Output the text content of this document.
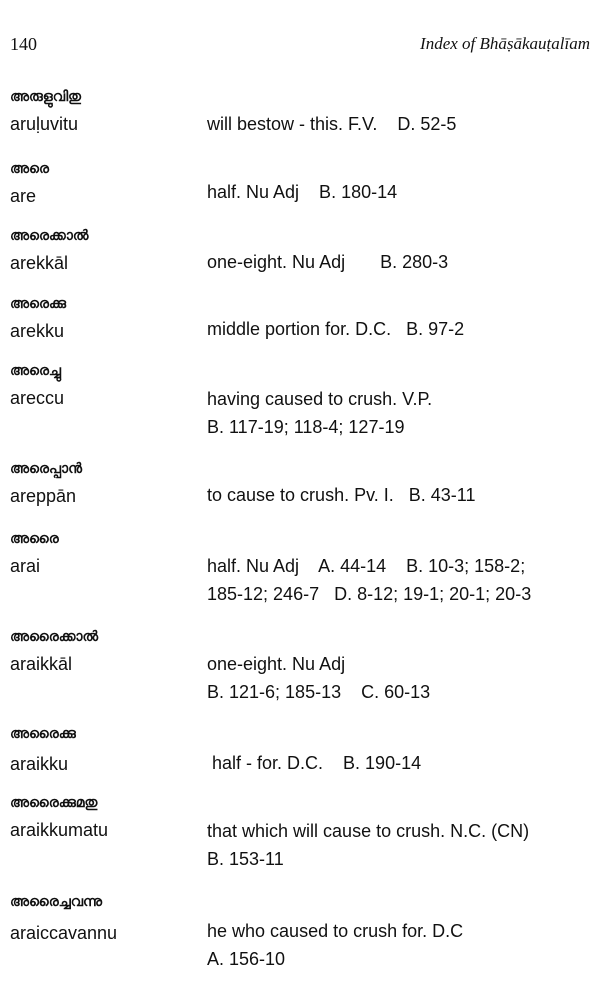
140	Index of Bhāṣākauṭalīam
അരുളുവിതു
aruḷuvitu	will bestow - this. F.V.    D. 52-5
അരെ
are	half. Nu Adj    B. 180-14
അരെക്കാൽ
arekkāl	one-eight. Nu Adj       B. 280-3
അരെക്കു
arekku	middle portion for. D.C.   B. 97-2
അരെച്ചു
areccu	having caused to crush. V.P.
B. 117-19; 118-4; 127-19
അരെപ്പാൻ
areppān	to cause to crush. Pv. I.   B. 43-11
അരൈ
arai	half. Nu Adj    A. 44-14    B. 10-3; 158-2;
185-12; 246-7   D. 8-12; 19-1; 20-1; 20-3
അരൈക്കാൽ
araikkāl	one-eight. Nu Adj
B. 121-6; 185-13    C. 60-13
അരൈക്കു
araikku	half - for. D.C.    B. 190-14
അരൈക്കുമതു
araikkumatu	that which will cause to crush. N.C. (CN)
B. 153-11
അരൈച്ചവന്നു
araiccavannu	he who caused to crush for. D.C
A. 156-10
